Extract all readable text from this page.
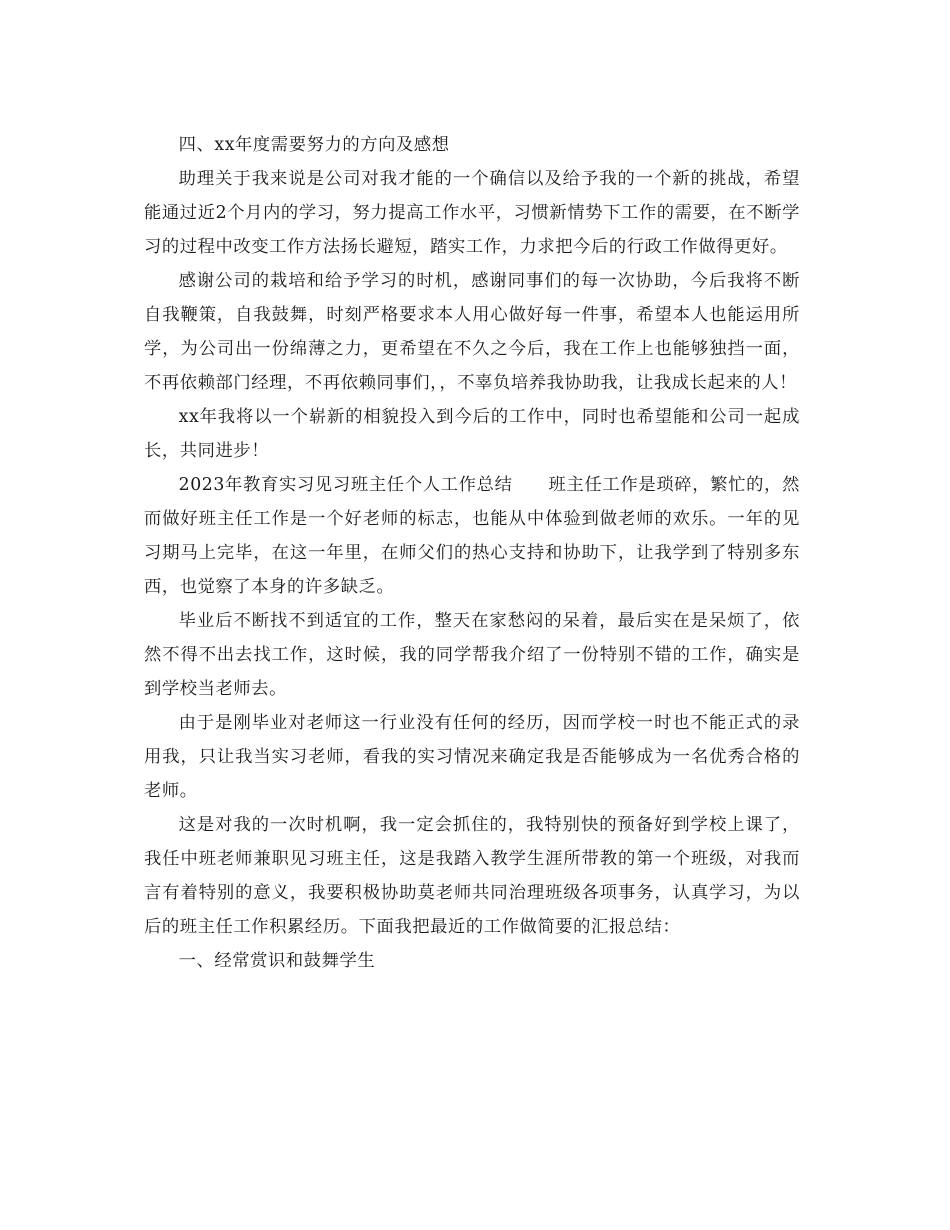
四、xx年度需要努力的方向及感想

助理关于我来说是公司对我才能的一个确信以及给予我的一个新的挑战，希望能通过近2个月内的学习，努力提高工作水平，习惯新情势下工作的需要，在不断学习的过程中改变工作方法扬长避短，踏实工作，力求把今后的行政工作做得更好。

感谢公司的栽培和给予学习的时机，感谢同事们的每一次协助，今后我将不断自我鞭策，自我鼓舞，时刻严格要求本人用心做好每一件事，希望本人也能运用所学，为公司出一份绵薄之力，更希望在不久之今后，我在工作上也能够独挡一面，不再依赖部门经理，不再依赖同事们，，不辜负培养我协助我，让我成长起来的人！

xx年我将以一个崭新的相貌投入到今后的工作中，同时也希望能和公司一起成长，共同进步！

2023年教育实习见习班主任个人工作总结　　班主任工作是琐碎，繁忙的，然而做好班主任工作是一个好老师的标志，也能从中体验到做老师的欢乐。一年的见习期马上完毕，在这一年里，在师父们的热心支持和协助下，让我学到了特别多东西，也觉察了本身的许多缺乏。

毕业后不断找不到适宜的工作，整天在家愁闷的呆着，最后实在是呆烦了，依然不得不出去找工作，这时候，我的同学帮我介绍了一份特别不错的工作，确实是到学校当老师去。

由于是刚毕业对老师这一行业没有任何的经历，因而学校一时也不能正式的录用我，只让我当实习老师，看我的实习情况来确定我是否能够成为一名优秀合格的老师。

这是对我的一次时机啊，我一定会抓住的，我特别快的预备好到学校上课了，我任中班老师兼职见习班主任，这是我踏入教学生涯所带教的第一个班级，对我而言有着特别的意义，我要积极协助莫老师共同治理班级各项事务，认真学习，为以后的班主任工作积累经历。下面我把最近的工作做简要的汇报总结：

一、经常赏识和鼓舞学生
